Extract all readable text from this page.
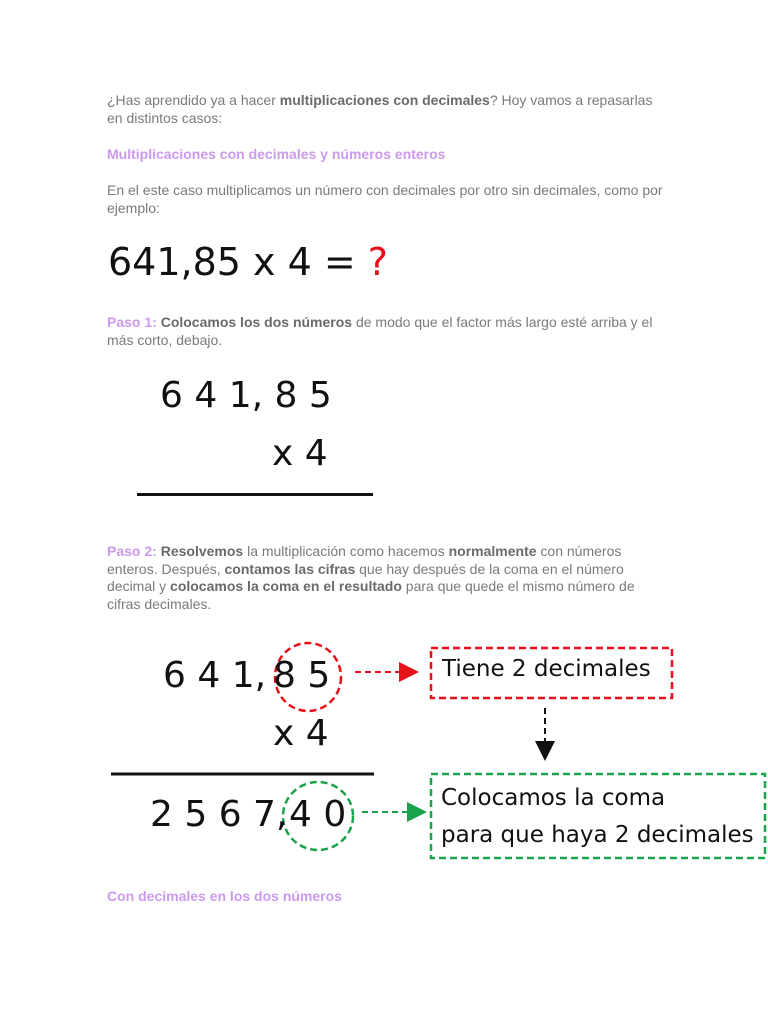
¿Has aprendido ya a hacer multiplicaciones con decimales? Hoy vamos a repasarlas en distintos casos:
Multiplicaciones con decimales y números enteros
En el este caso multiplicamos un número con decimales por otro sin decimales, como por ejemplo:
641,85 x 4 = ?
Paso 1: Colocamos los dos números de modo que el factor más largo esté arriba y el más corto, debajo.
6 4 1, 8 5
x 4
Paso 2: Resolvemos la multiplicación como hacemos normalmente con números enteros. Después, contamos las cifras que hay después de la coma en el número decimal y colocamos la coma en el resultado para que quede el mismo número de cifras decimales.
6 4 1, 8 5
x 4
2 5 6 7, 4 0
Tiene 2 decimales
Colocamos la coma
para que haya 2 decimales
Con decimales en los dos números
